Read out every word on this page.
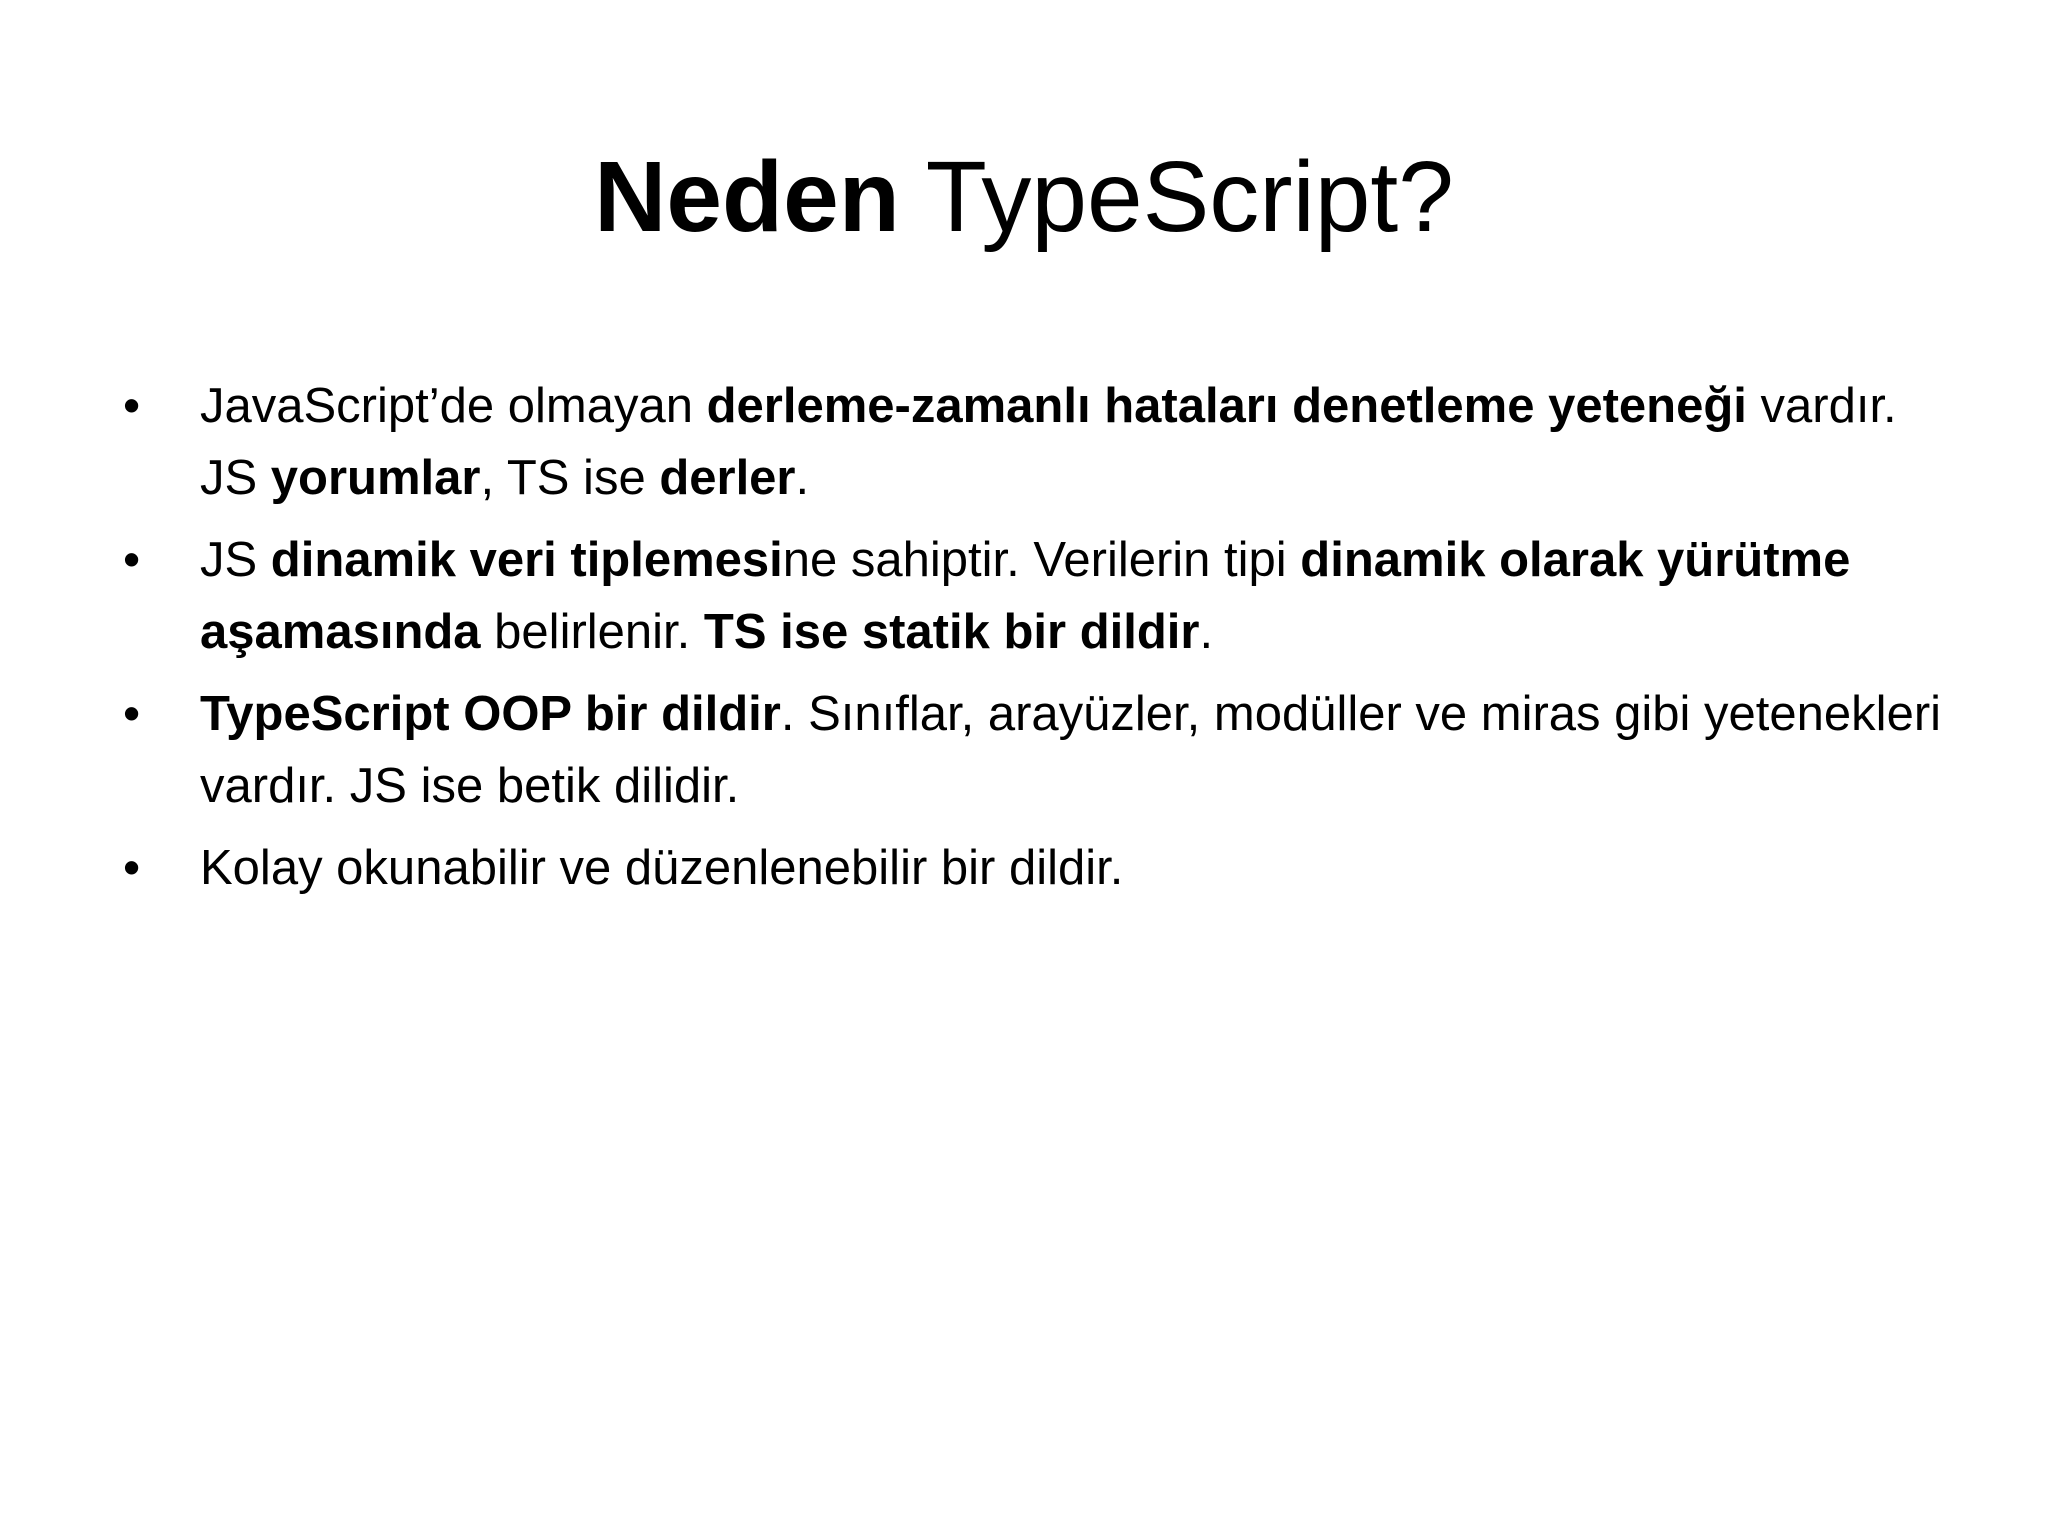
Neden TypeScript?
•	JavaScript’de olmayan derleme-zamanlı hataları denetleme yeteneği vardır. JS yorumlar, TS ise derler.
•	JS dinamik veri tiplemesine sahiptir. Verilerin tipi dinamik olarak yürütme aşamasında belirlenir. TS ise statik bir dildir.
•	TypeScript OOP bir dildir. Sınıflar, arayüzler, modüller ve miras gibi yetenekleri vardır. JS ise betik dilidir.
•	Kolay okunabilir ve düzenlenebilir bir dildir.
